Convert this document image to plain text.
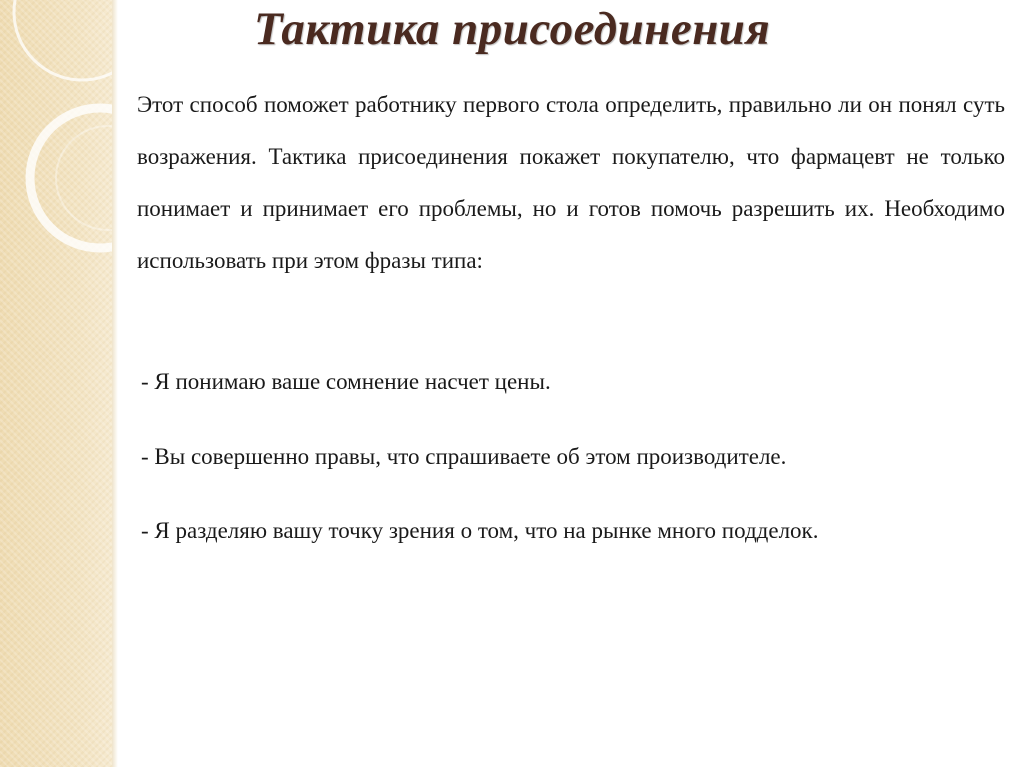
Тактика присоединения

Этот способ поможет работнику первого стола определить, правильно ли он понял суть возражения. Тактика присоединения покажет покупателю, что фармацевт не только понимает и принимает его проблемы, но и готов помочь разрешить их. Необходимо использовать при этом фразы типа:

- Я понимаю ваше сомнение насчет цены.

- Вы совершенно правы, что спрашиваете об этом производителе.

- Я разделяю вашу точку зрения о том, что на рынке много подделок.
